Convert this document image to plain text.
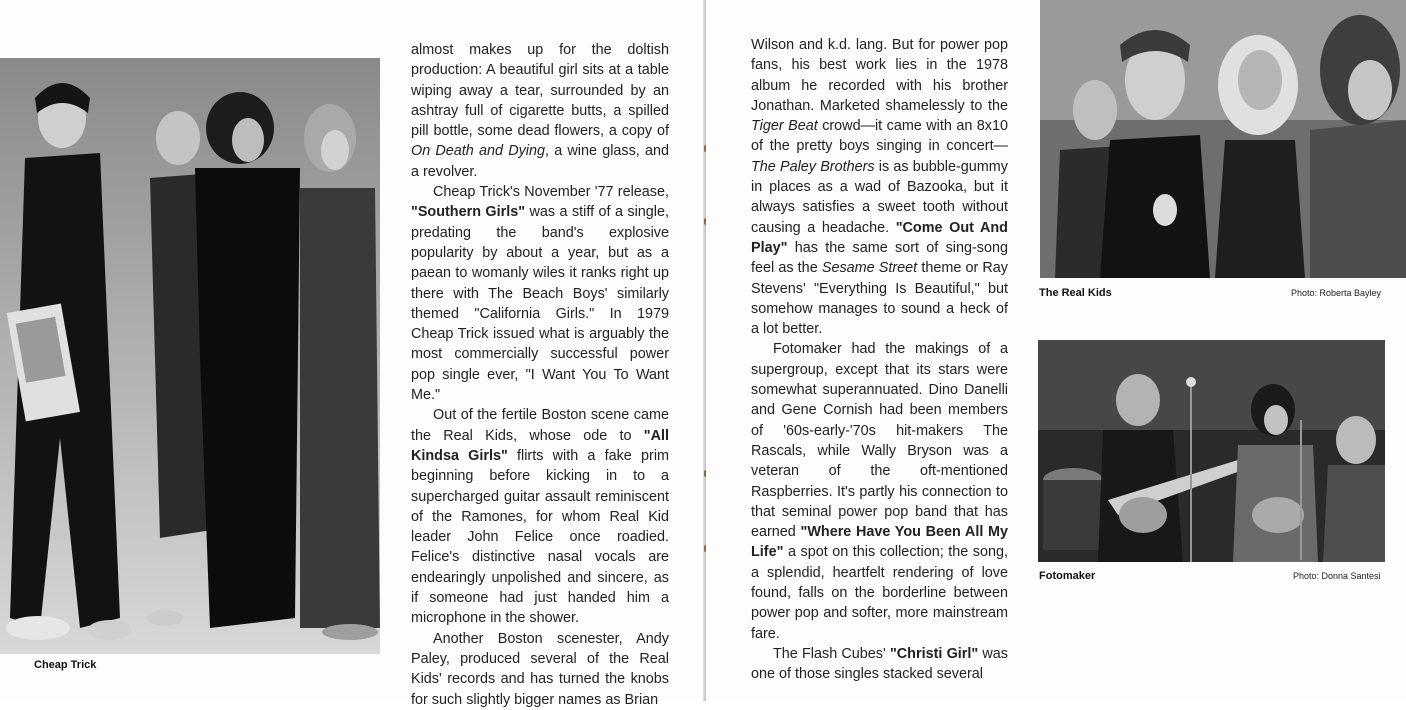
Cheap Trick

almost makes up for the doltish production: A beautiful girl sits at a table wiping away a tear, surrounded by an ashtray full of cigarette butts, a spilled pill bottle, some dead flowers, a copy of On Death and Dying, a wine glass, and a revolver.

Cheap Trick's November '77 release, "Southern Girls" was a stiff of a single, predating the band's explosive popularity by about a year, but as a paean to womanly wiles it ranks right up there with The Beach Boys' similarly themed "California Girls." In 1979 Cheap Trick issued what is arguably the most commercially successful power pop single ever, "I Want You To Want Me."

Out of the fertile Boston scene came the Real Kids, whose ode to "All Kindsa Girls" flirts with a fake prim beginning before kicking in to a supercharged guitar assault reminiscent of the Ramones, for whom Real Kid leader John Felice once roadied. Felice's distinctive nasal vocals are endearingly unpolished and sincere, as if someone had just handed him a microphone in the shower.

Another Boston scenester, Andy Paley, produced several of the Real Kids' records and has turned the knobs for such slightly bigger names as Brian

Wilson and k.d. lang. But for power pop fans, his best work lies in the 1978 album he recorded with his brother Jonathan. Marketed shamelessly to the Tiger Beat crowd—it came with an 8x10 of the pretty boys singing in concert—The Paley Brothers is as bubble-gummy in places as a wad of Bazooka, but it always satisfies a sweet tooth without causing a headache. "Come Out And Play" has the same sort of sing-song feel as the Sesame Street theme or Ray Stevens' "Everything Is Beautiful," but somehow manages to sound a heck of a lot better.

Fotomaker had the makings of a supergroup, except that its stars were somewhat superannuated. Dino Danelli and Gene Cornish had been members of '60s-early-'70s hit-makers The Rascals, while Wally Bryson was a veteran of the oft-mentioned Raspberries. It's partly his connection to that seminal power pop band that has earned "Where Have You Been All My Life" a spot on this collection; the song, a splendid, heartfelt rendering of love found, falls on the borderline between power pop and softer, more mainstream fare.

The Flash Cubes' "Christi Girl" was one of those singles stacked several

The Real Kids	Photo: Roberta Bayley
Fotomaker	Photo: Donna Santesi
